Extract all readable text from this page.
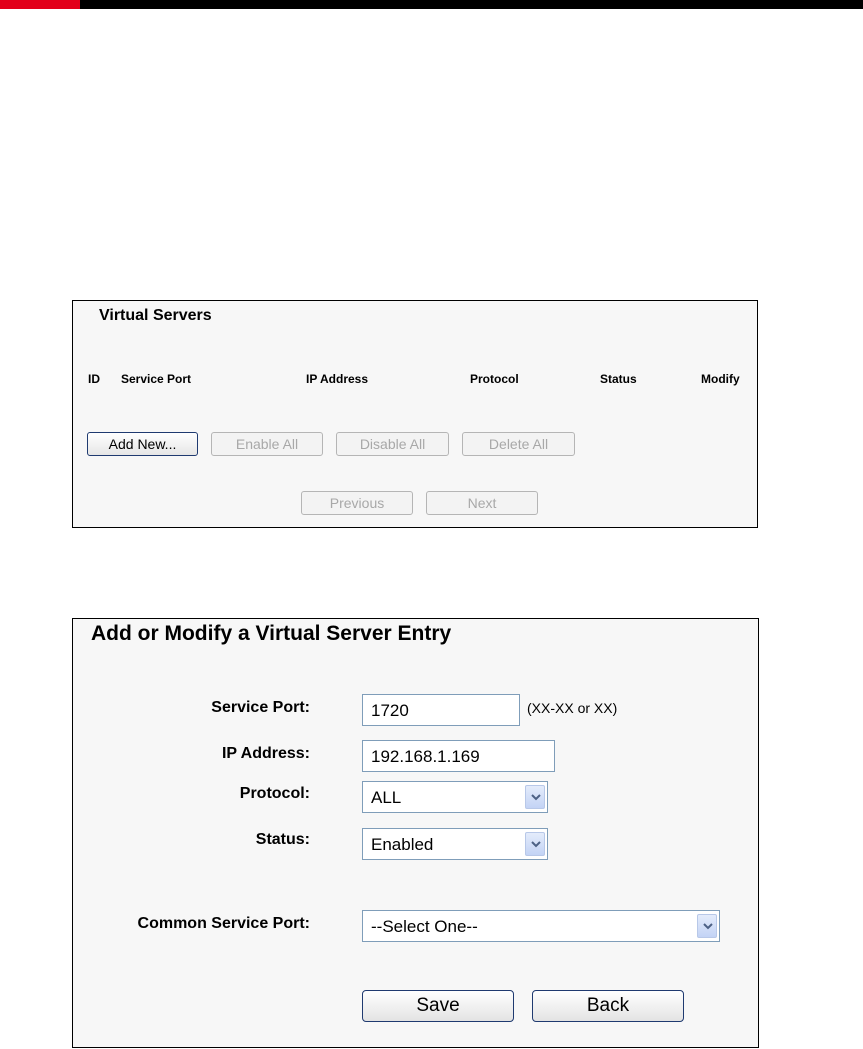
Virtual Servers
ID Service Port	IP Address	Protocol	Status	Modify
Add New...	Enable All	Disable All	Delete All
Previous	Next
Add or Modify a Virtual Server Entry
Service Port:	1720	(XX-XX or XX)
IP Address:	192.168.1.169
Protocol:	ALL
Status:	Enabled
Common Service Port:	--Select One--
Save	Back
